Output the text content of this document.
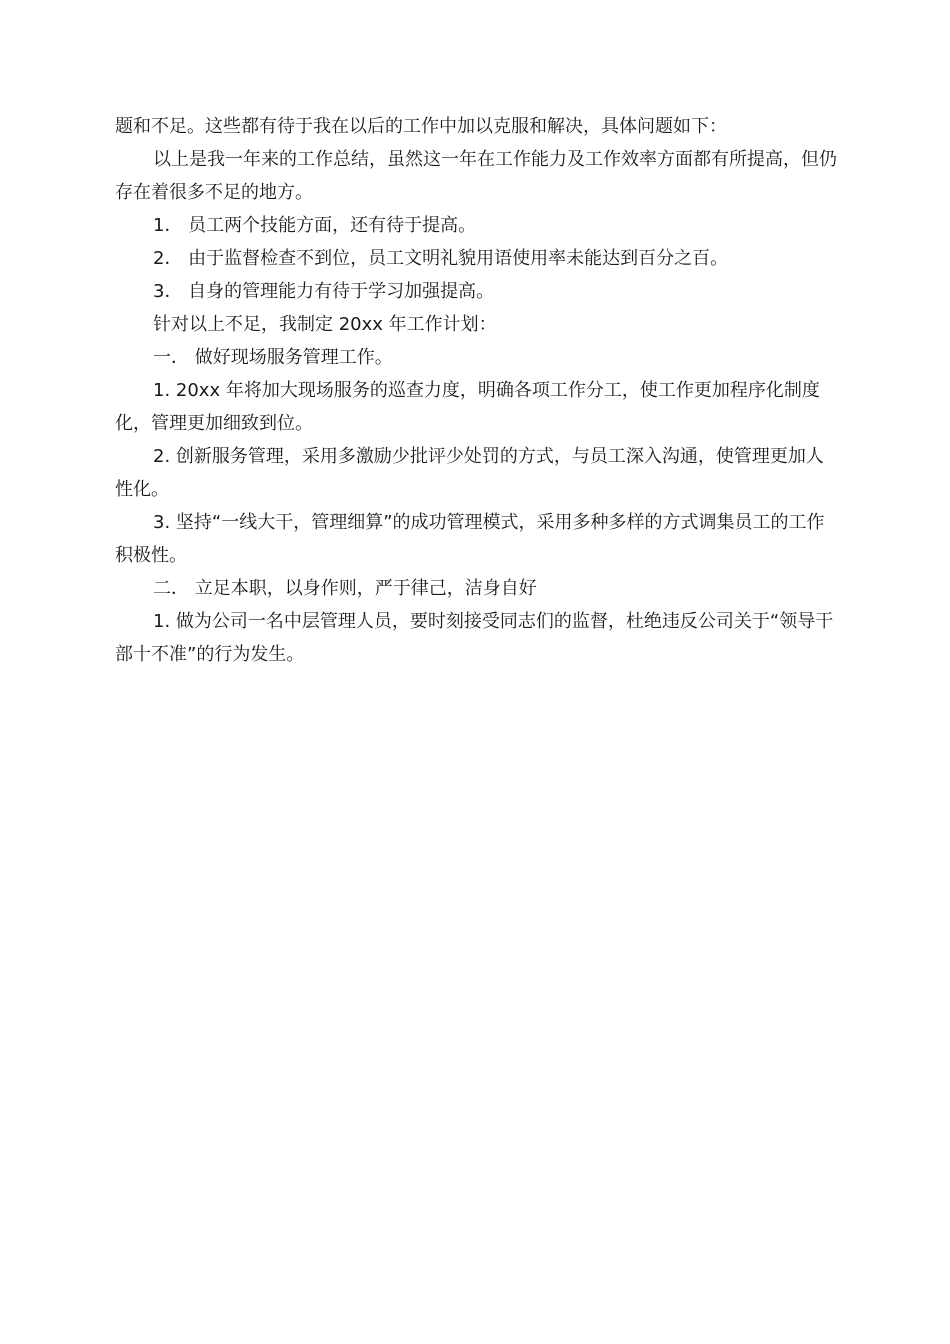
题和不足。这些都有待于我在以后的工作中加以克服和解决，具体问题如下：

以上是我一年来的工作总结，虽然这一年在工作能力及工作效率方面都有所提高，但仍存在着很多不足的地方。

1． 员工两个技能方面，还有待于提高。

2． 由于监督检查不到位，员工文明礼貌用语使用率未能达到百分之百。

3． 自身的管理能力有待于学习加强提高。

针对以上不足，我制定 20xx 年工作计划：

一． 做好现场服务管理工作。

1. 20xx 年将加大现场服务的巡查力度，明确各项工作分工，使工作更加程序化制度化，管理更加细致到位。

2. 创新服务管理，采用多激励少批评少处罚的方式，与员工深入沟通，使管理更加人性化。

3. 坚持“一线大干，管理细算”的成功管理模式，采用多种多样的方式调集员工的工作积极性。

二． 立足本职，以身作则，严于律己，洁身自好

1. 做为公司一名中层管理人员，要时刻接受同志们的监督，杜绝违反公司关于“领导干部十不准”的行为发生。
